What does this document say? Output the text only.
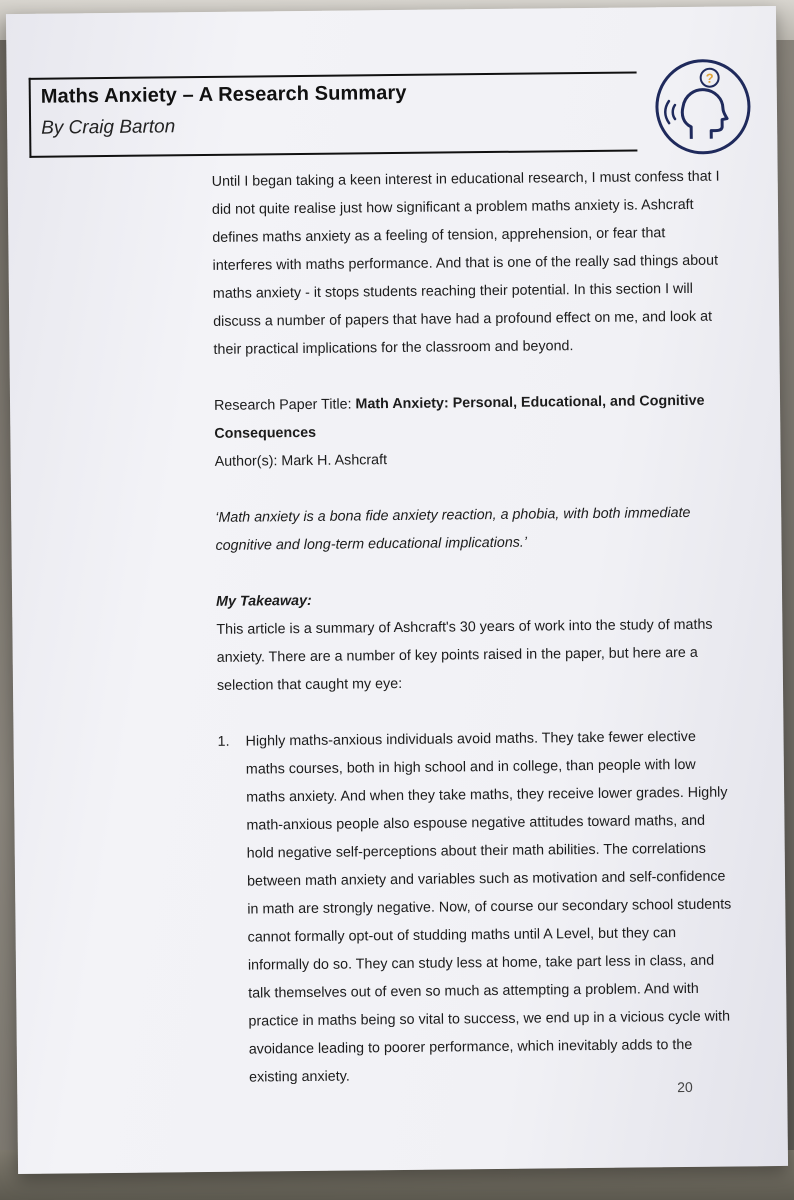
Maths Anxiety – A Research Summary
By Craig Barton
?

Until I began taking a keen interest in educational research, I must confess that I did not quite realise just how significant a problem maths anxiety is. Ashcraft defines maths anxiety as a feeling of tension, apprehension, or fear that interferes with maths performance. And that is one of the really sad things about maths anxiety - it stops students reaching their potential. In this section I will discuss a number of papers that have had a profound effect on me, and look at their practical implications for the classroom and beyond.

Research Paper Title: Math Anxiety: Personal, Educational, and Cognitive Consequences

Author(s): Mark H. Ashcraft

‘Math anxiety is a bona fide anxiety reaction, a phobia, with both immediate cognitive and long-term educational implications.’

My Takeaway:

This article is a summary of Ashcraft's 30 years of work into the study of maths anxiety. There are a number of key points raised in the paper, but here are a selection that caught my eye:

1.	Highly maths-anxious individuals avoid maths. They take fewer elective maths courses, both in high school and in college, than people with low maths anxiety. And when they take maths, they receive lower grades. Highly math-anxious people also espouse negative attitudes toward maths, and hold negative self-perceptions about their math abilities. The correlations between math anxiety and variables such as motivation and self-confidence in math are strongly negative. Now, of course our secondary school students cannot formally opt-out of studding maths until A Level, but they can informally do so. They can study less at home, take part less in class, and talk themselves out of even so much as attempting a problem. And with practice in maths being so vital to success, we end up in a vicious cycle with avoidance leading to poorer performance, which inevitably adds to the existing anxiety.
20
